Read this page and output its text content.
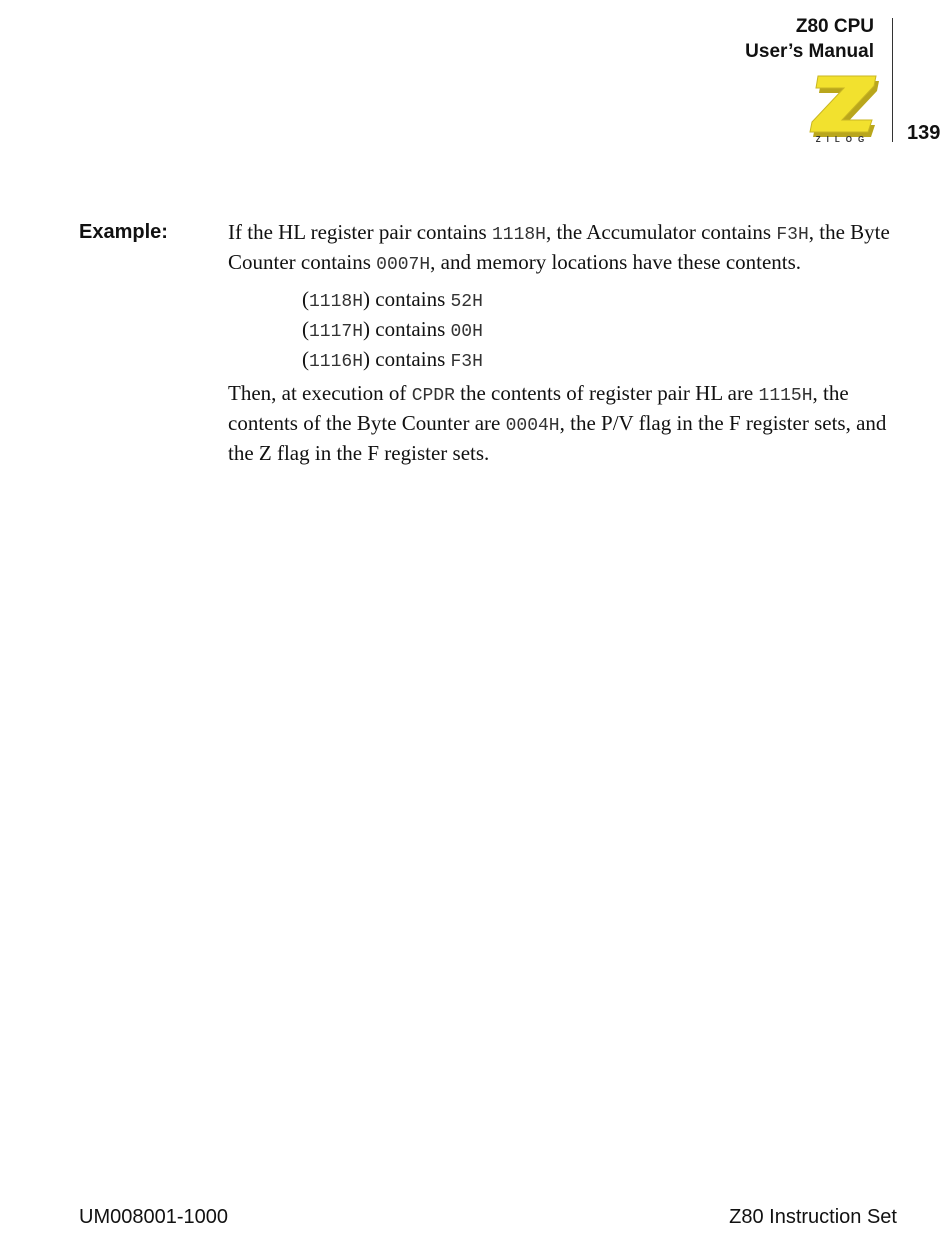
Z80 CPU
User’s Manual
ZILOG 139
Example:	If the HL register pair contains 1118H, the Accumulator contains F3H, the Byte Counter contains 0007H, and memory locations have these contents.
(1118H) contains 52H
(1117H) contains 00H
(1116H) contains F3H
Then, at execution of CPDR the contents of register pair HL are 1115H, the contents of the Byte Counter are 0004H, the P/V flag in the F register sets, and the Z flag in the F register sets.
UM008001-1000	Z80 Instruction Set
